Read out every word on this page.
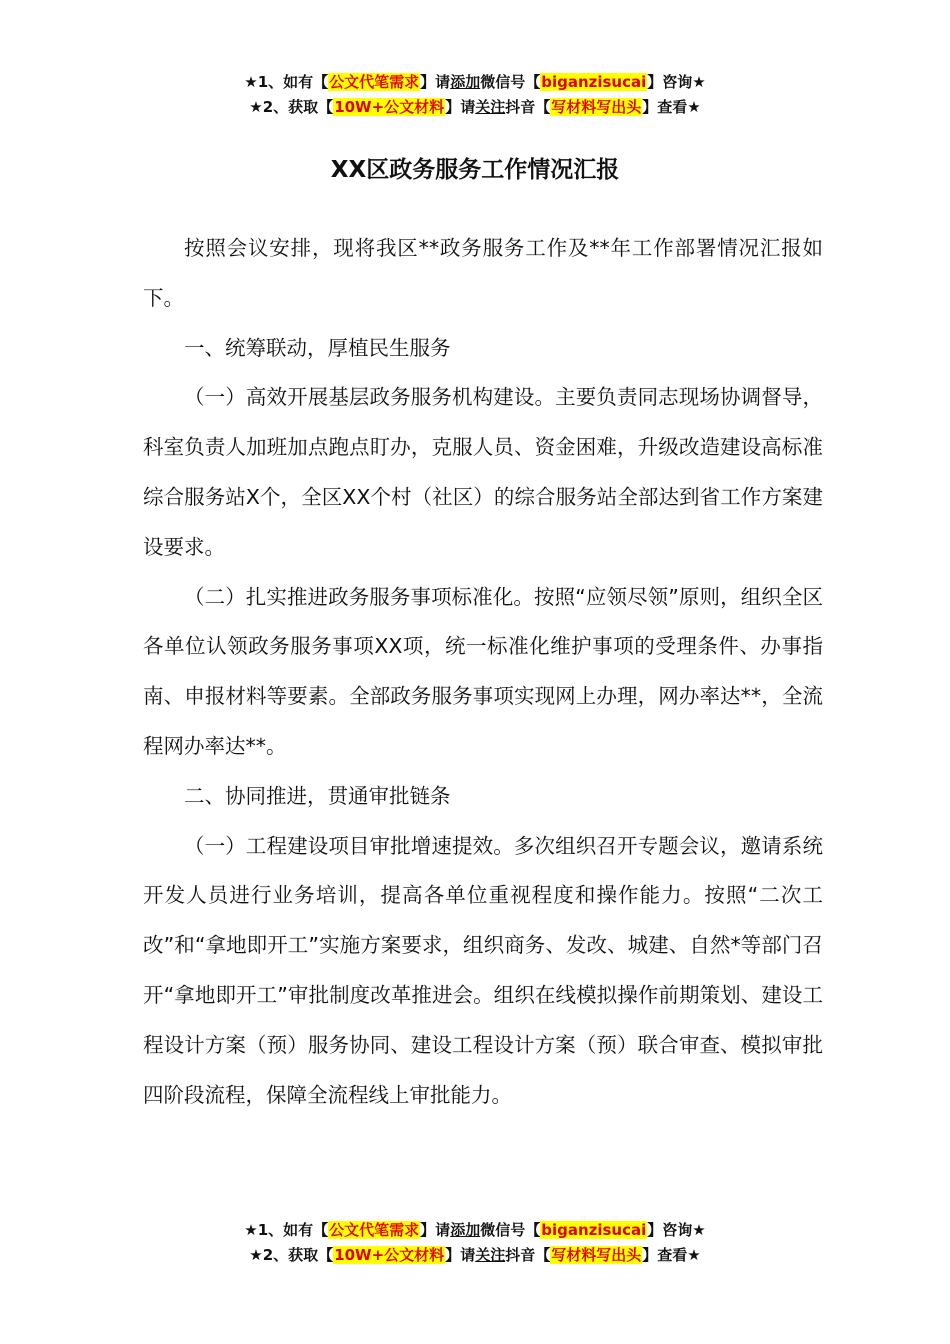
★1、如有【公文代笔需求】请添加微信号【biganzisucai】咨询★
★2、获取【10W+公文材料】请关注抖音【写材料写出头】查看★
XX区政务服务工作情况汇报

按照会议安排，现将我区**政务服务工作及**年工作部署情况汇报如下。

一、统筹联动，厚植民生服务

（一）高效开展基层政务服务机构建设。主要负责同志现场协调督导，科室负责人加班加点跑点盯办，克服人员、资金困难，升级改造建设高标准综合服务站X个，全区XX个村（社区）的综合服务站全部达到省工作方案建设要求。

（二）扎实推进政务服务事项标准化。按照“应领尽领”原则，组织全区各单位认领政务服务事项XX项，统一标准化维护事项的受理条件、办事指南、申报材料等要素。全部政务服务事项实现网上办理，网办率达**，全流程网办率达**。

二、协同推进，贯通审批链条

（一）工程建设项目审批增速提效。多次组织召开专题会议，邀请系统开发人员进行业务培训，提高各单位重视程度和操作能力。按照“二次工改”和“拿地即开工”实施方案要求，组织商务、发改、城建、自然*等部门召开“拿地即开工”审批制度改革推进会。组织在线模拟操作前期策划、建设工程设计方案（预）服务协同、建设工程设计方案（预）联合审查、模拟审批四阶段流程，保障全流程线上审批能力。

★1、如有【公文代笔需求】请添加微信号【biganzisucai】咨询★
★2、获取【10W+公文材料】请关注抖音【写材料写出头】查看★
